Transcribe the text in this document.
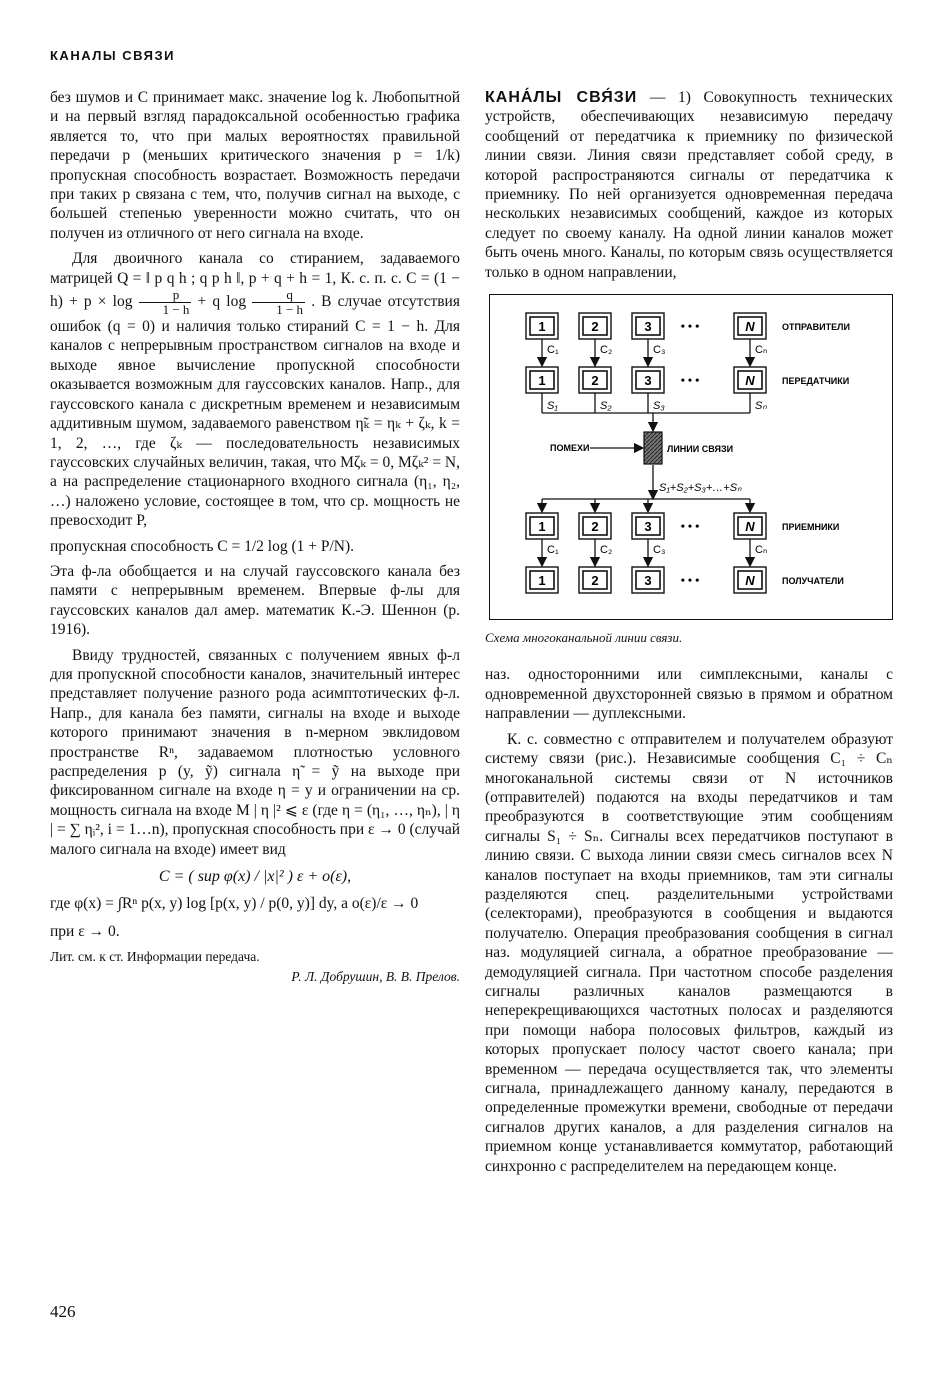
КАНАЛЫ СВЯЗИ

без шумов и C принимает макс. значение log k. Любопытной и на первый взгляд парадоксальной особенностью графика является то, что при малых вероятностях правильной передачи p (меньших критического значения p = 1/k) пропускная способность возрастает. Возможность передачи при таких p связана с тем, что, получив сигнал на выходе, с большей степенью уверенности можно считать, что он получен из отличного от него сигнала на входе.

Для двоичного канала со стиранием, задаваемого матрицей Q = ‖ p q h ; q p h ‖, p + q + h = 1, К. с. п. с. $C = (1 - h) + p \times \log \frac{p}{1 - h} + q$ $\log \frac{q}{1 - h}$ . В случае отсутствия ошибок (q = 0) и наличия только стираний C = 1 − h. Для каналов с непрерывным пространством сигналов на входе и выходе явное вычисление пропускной способности оказывается возможным для гауссовских каналов. Напр., для гауссовского канала с дискретным временем и независимым аддитивным шумом, задаваемого равенством η̃ₖ = ηₖ + ζₖ, k = 1, 2, …, где ζₖ — последовательность независимых гауссовских случайных величин, такая, что Mζₖ = 0, Mζₖ² = N, а на распределение стационарного входного сигнала (η₁, η₂, …) наложено условие, состоящее в том, что ср. мощность не превосходит P,

пропускная способность C = 1/2 log (1 + P/N).

Эта ф-ла обобщается и на случай гауссовского канала без памяти с непрерывным временем. Впервые ф-лы для гауссовских каналов дал амер. математик К.-Э. Шеннон (р. 1916).

Ввиду трудностей, связанных с получением явных ф-л для пропускной способности каналов, значительный интерес представляет получение разного рода асимптотических ф-л. Напр., для канала без памяти, сигналы на входе и выходе которого принимают значения в n-мерном эвклидовом пространстве Rⁿ, задаваемом плотностью условного распределения p (y, ỹ) сигнала η̃ = ỹ на выходе при фиксированном сигнале на входе η = y и ограничении на ср. мощность сигнала на входе M | η |² ⩽ ε (где η = (η₁, …, ηₙ), | η | = ∑ ηᵢ², i = 1…n), пропускная способность при ε → 0 (случай малого сигнала на входе) имеет вид

C = ( sup φ(x) / |x|² ) ε + o(ε),
где φ(x) = ∫Rⁿ p(x, y) log [p(x, y) / p(0, y)] dy, а o(ε)/ε → 0

при ε → 0.

Лит. см. к ст. Информации передача.
Р. Л. Добрушин, В. В. Прелов.

КАНА́ЛЫ СВЯ́ЗИ — 1) Совокупность технических устройств, обеспечивающих независимую передачу сообщений от передатчика к приемнику по физической линии связи. Линия связи представляет собой среду, в которой распространяются сигналы от передатчика к приемнику. По ней организуется одновременная передача нескольких независимых сообщений, каждое из которых следует по своему каналу. На одной линии каналов может быть очень много. Каналы, по которым связь осуществляется только в одном направлении,

1	2	3	N
• • •	ОТПРАВИТЕЛИ
1	2	3	N
• • •	ПЕРЕДАТЧИКИ
1	2	3	N
• • •	ПРИЕМНИКИ
1	2	3	N
• • •	ПОЛУЧАТЕЛИ
C₁
C₁
S₁
C₂
C₂
S₂
C₃
C₃
S₃
Cₙ
Cₙ
Sₙ
ПОМЕХИ	ЛИНИИ СВЯЗИ
S₁+S₂+S₃+…+Sₙ
Схема многоканальной линии связи.

наз. односторонними или симплексными, каналы с одновременной двухсторонней связью в прямом и обратном направлении — дуплексными.

К. с. совместно с отправителем и получателем образуют систему связи (рис.). Независимые сообщения C₁ ÷ Cₙ многоканальной системы связи от N источников (отправителей) подаются на входы передатчиков и там преобразуются в соответствующие этим сообщениям сигналы S₁ ÷ Sₙ. Сигналы всех передатчиков поступают в линию связи. С выхода линии связи смесь сигналов всех N каналов поступает на входы приемников, там эти сигналы разделяются спец. разделительными устройствами (селекторами), преобразуются в сообщения и выдаются получателю. Операция преобразования сообщения в сигнал наз. модуляцией сигнала, а обратное преобразование — демодуляцией сигнала. При частотном способе разделения сигналы различных каналов размещаются в неперекрещивающихся частотных полосах и разделяются при помощи набора полосовых фильтров, каждый из которых пропускает полосу частот своего канала; при временном — передача осуществляется так, что элементы сигнала, принадлежащего данному каналу, передаются в определенные промежутки времени, свободные от передачи сигналов других каналов, а для разделения сигналов на приемном конце устанавливается коммутатор, работающий синхронно с распределителем на передающем конце.

426
